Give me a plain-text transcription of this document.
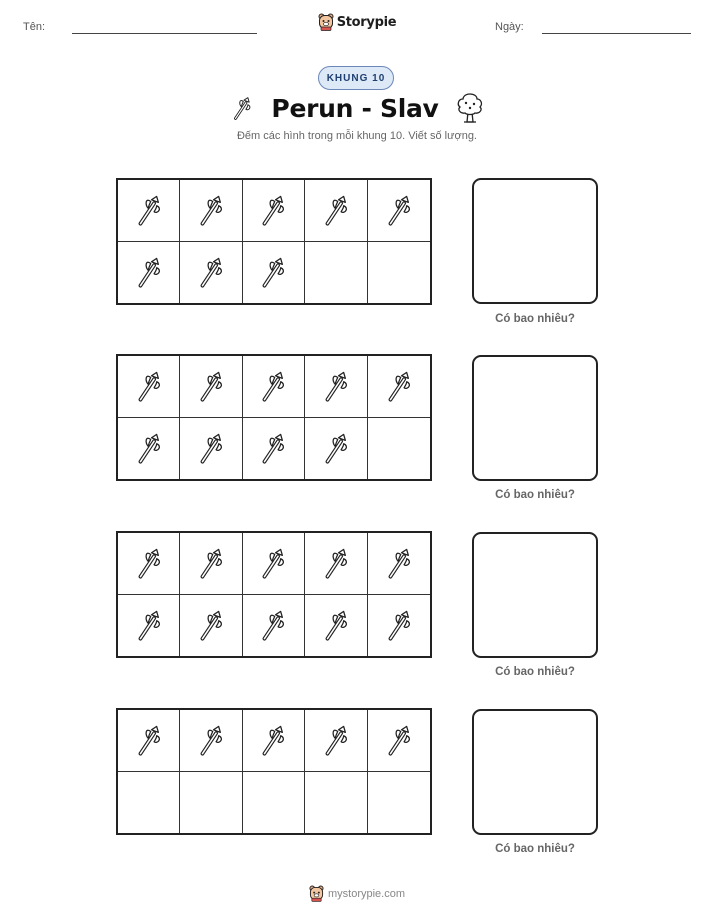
Tên:	Storypie	Ngày:
KHUNG 10
Perun - Slav
Đếm các hình trong mỗi khung 10. Viết số lượng.
Có bao nhiêu?
Có bao nhiêu?
Có bao nhiêu?
Có bao nhiêu?
mystorypie.com
